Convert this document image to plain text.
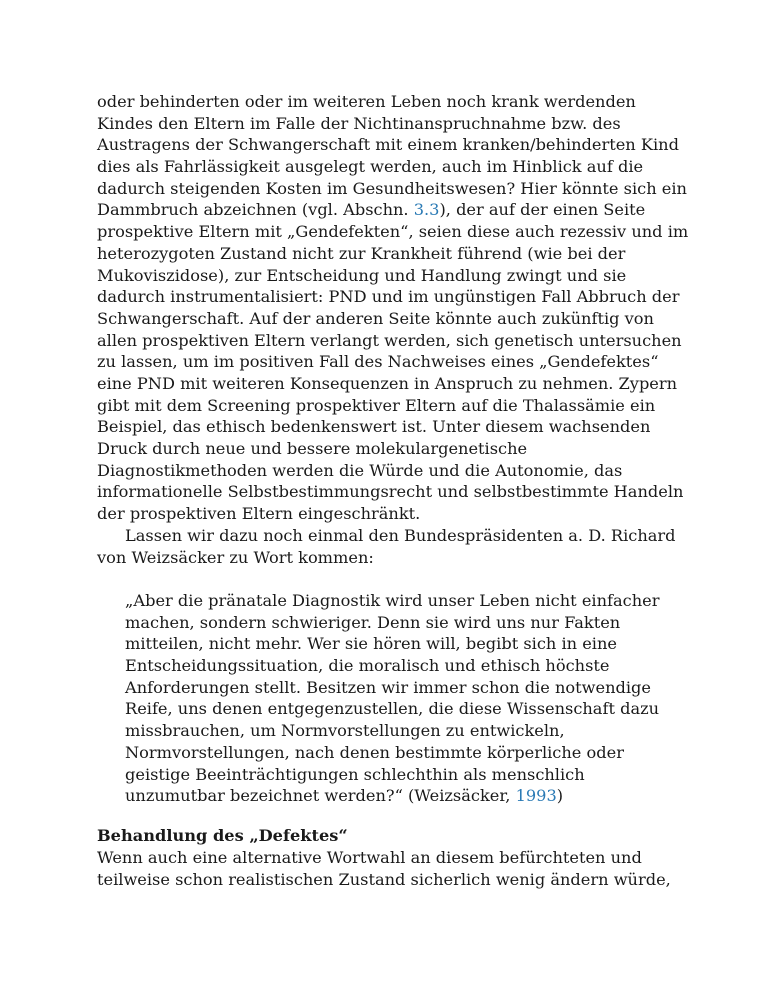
oder behinderten oder im weiteren Leben noch krank werdenden
Kindes den Eltern im Falle der Nichtinanspruchnahme bzw. des
Austragens der Schwangerschaft mit einem kranken/behinderten Kind
dies als Fahrlässigkeit ausgelegt werden, auch im Hinblick auf die
dadurch steigenden Kosten im Gesundheitswesen? Hier könnte sich ein
Dammbruch abzeichnen (vgl. Abschn. 3.3), der auf der einen Seite
prospektive Eltern mit „Gendefekten“, seien diese auch rezessiv und im
heterozygoten Zustand nicht zur Krankheit führend (wie bei der
Mukoviszidose), zur Entscheidung und Handlung zwingt und sie
dadurch instrumentalisiert: PND und im ungünstigen Fall Abbruch der
Schwangerschaft. Auf der anderen Seite könnte auch zukünftig von
allen prospektiven Eltern verlangt werden, sich genetisch untersuchen
zu lassen, um im positiven Fall des Nachweises eines „Gendefektes“
eine PND mit weiteren Konsequenzen in Anspruch zu nehmen. Zypern
gibt mit dem Screening prospektiver Eltern auf die Thalassämie ein
Beispiel, das ethisch bedenkenswert ist. Unter diesem wachsenden
Druck durch neue und bessere molekulargenetische
Diagnostikmethoden werden die Würde und die Autonomie, das
informationelle Selbstbestimmungsrecht und selbstbestimmte Handeln
der prospektiven Eltern eingeschränkt.
Lassen wir dazu noch einmal den Bundespräsidenten a. D. Richard
von Weizsäcker zu Wort kommen:
„Aber die pränatale Diagnostik wird unser Leben nicht einfacher
machen, sondern schwieriger. Denn sie wird uns nur Fakten
mitteilen, nicht mehr. Wer sie hören will, begibt sich in eine
Entscheidungssituation, die moralisch und ethisch höchste
Anforderungen stellt. Besitzen wir immer schon die notwendige
Reife, uns denen entgegenzustellen, die diese Wissenschaft dazu
missbrauchen, um Normvorstellungen zu entwickeln,
Normvorstellungen, nach denen bestimmte körperliche oder
geistige Beeinträchtigungen schlechthin als menschlich
unzumutbar bezeichnet werden?“ (Weizsäcker, 1993)
Behandlung des „Defektes“
Wenn auch eine alternative Wortwahl an diesem befürchteten und
teilweise schon realistischen Zustand sicherlich wenig ändern würde,
